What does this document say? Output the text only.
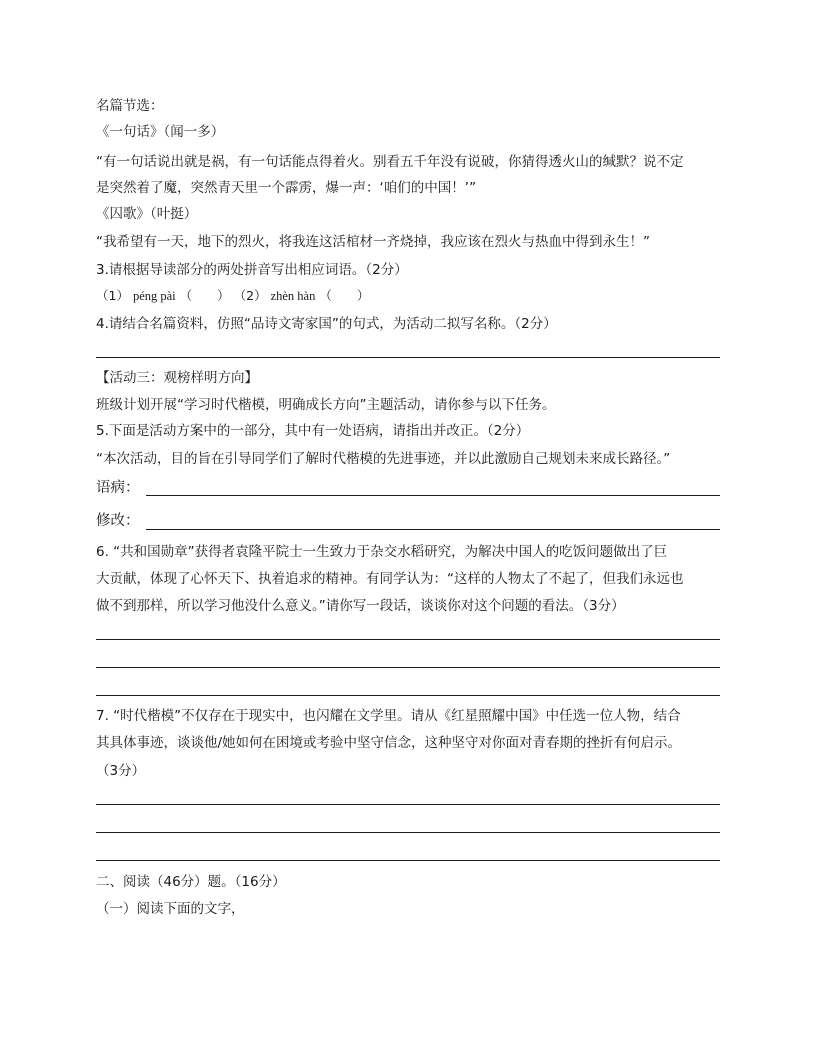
名篇节选：
《一句话》（闻一多）
“有一句话说出就是祸，有一句话能点得着火。别看五千年没有说破，你猜得透火山的缄默？说不定
是突然着了魔，突然青天里一个霹雳，爆一声：‘咱们的中国！’”
《囚歌》（叶挺）
“我希望有一天，地下的烈火，将我连这活棺材一齐烧掉，我应该在烈火与热血中得到永生！”
3.请根据导读部分的两处拼音写出相应词语。（2分）
（1） péng pài （　　） （2） zhèn hàn （　　）
4.请结合名篇资料，仿照“品诗文寄家国”的句式，为活动二拟写名称。（2分）
【活动三：观榜样明方向】
班级计划开展“学习时代楷模，明确成长方向”主题活动，请你参与以下任务。
5.下面是活动方案中的一部分，其中有一处语病，请指出并改正。（2分）
“本次活动，目的旨在引导同学们了解时代楷模的先进事迹，并以此激励自己规划未来成长路径。”
语病：
修改：
6. “共和国勋章”获得者袁隆平院士一生致力于杂交水稻研究，为解决中国人的吃饭问题做出了巨
大贡献，体现了心怀天下、执着追求的精神。有同学认为：“这样的人物太了不起了，但我们永远也
做不到那样，所以学习他没什么意义。”请你写一段话，谈谈你对这个问题的看法。（3分）
7. “时代楷模”不仅存在于现实中，也闪耀在文学里。请从《红星照耀中国》中任选一位人物，结合
其具体事迹，谈谈他/她如何在困境或考验中坚守信念，这种坚守对你面对青春期的挫折有何启示。
（3分）
二、阅读（46分）题。（16分）
（一）阅读下面的文字，
